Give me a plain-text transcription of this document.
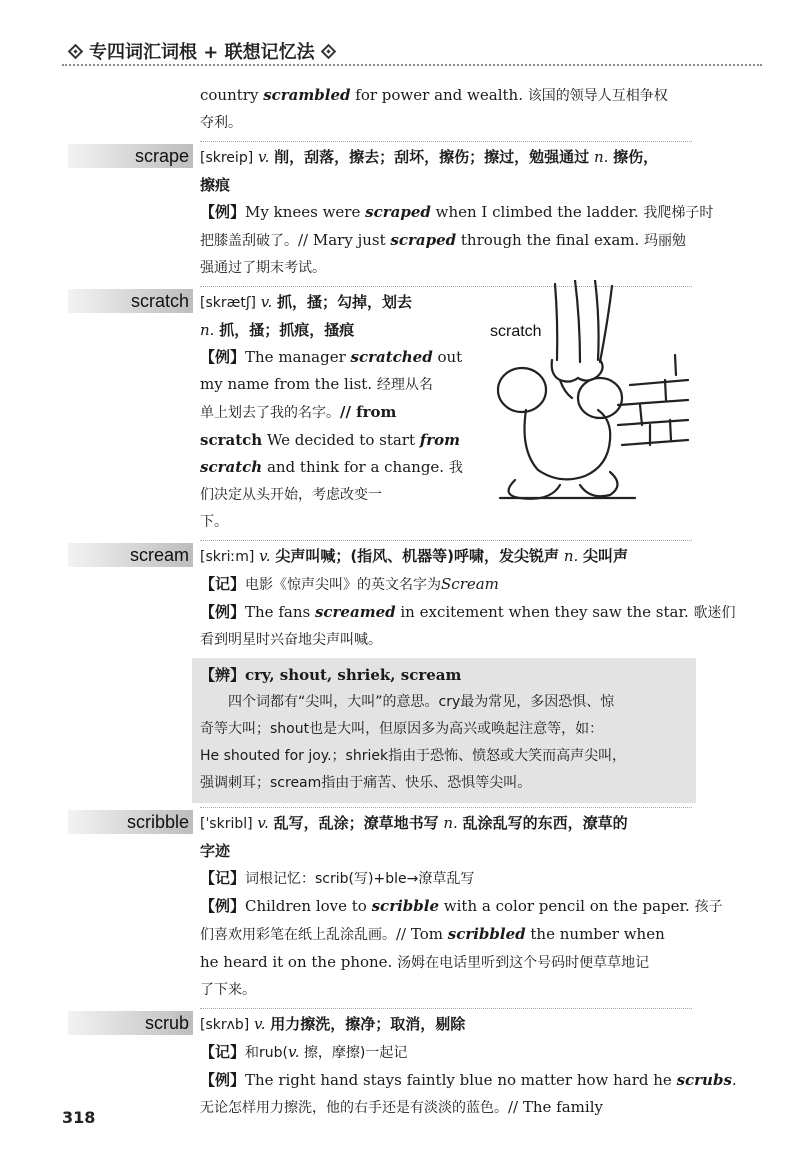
专四词汇词根 + 联想记忆法
country scrambled for power and wealth. 该国的领导人互相争权
夺利。
scrape [skreip] v. 削，刮落，擦去；刮坏，擦伤；擦过，勉强通过 n. 擦伤，
擦痕
【例】My knees were scraped when I climbed the ladder. 我爬梯子时
把膝盖刮破了。// Mary just scraped through the final exam. 玛丽勉
强通过了期末考试。
scratch [skrætʃ] v. 抓，搔；勾掉，划去
n. 抓，搔；抓痕，搔痕
【例】The manager scratched out
my name from the list. 经理从名
单上划去了我的名字。// from
scratch We decided to start from
scratch and think for a change. 我
们决定从头开始，考虑改变一
下。
scream [skriːm] v. 尖声叫喊；(指风、机器等)呼啸，发尖锐声 n. 尖叫声
【记】电影《惊声尖叫》的英文名字为Scream
【例】The fans screamed in excitement when they saw the star. 歌迷们
看到明星时兴奋地尖声叫喊。
【辨】cry, shout, shriek, scream
四个词都有“尖叫，大叫”的意思。cry最为常见，多因恐惧、惊
奇等大叫；shout也是大叫，但原因多为高兴或唤起注意等，如：
He shouted for joy.；shriek指由于恐怖、愤怒或大笑而高声尖叫，
强调刺耳；scream指由于痛苦、快乐、恐惧等尖叫。
scribble [ˈskribl] v. 乱写，乱涂；潦草地书写 n. 乱涂乱写的东西，潦草的
字迹
【记】词根记忆：scrib(写)+ble→潦草乱写
【例】Children love to scribble with a color pencil on the paper. 孩子
们喜欢用彩笔在纸上乱涂乱画。// Tom scribbled the number when
he heard it on the phone. 汤姆在电话里听到这个号码时便草草地记
了下来。
scrub [skrʌb] v. 用力擦洗，擦净；取消，剔除
【记】和rub(v. 擦，摩擦)一起记
【例】The right hand stays faintly blue no matter how hard he scrubs.
无论怎样用力擦洗，他的右手还是有淡淡的蓝色。// The family
scratch
318
